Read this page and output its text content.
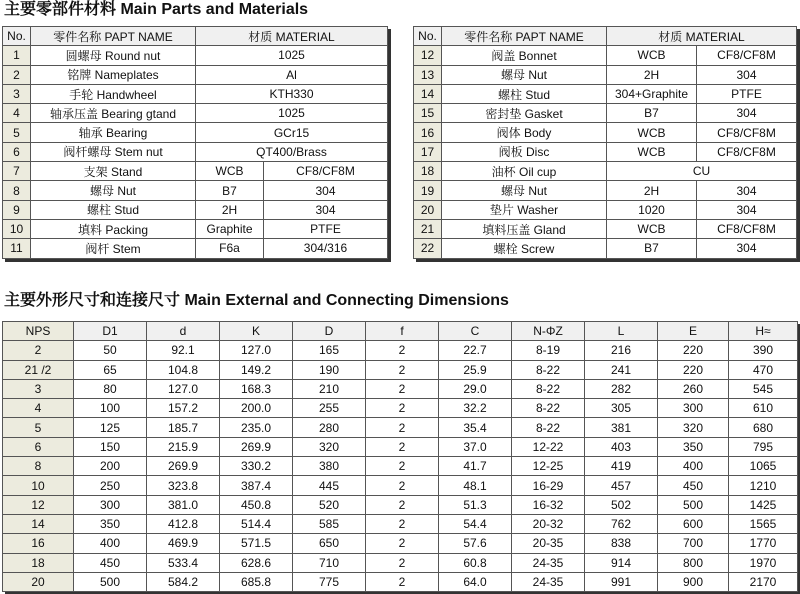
主要零部件材料 Main Parts and Materials
No.	零件名称 PAPT NAME	材质 MATERIAL	
1	圆螺母 Round nut	1025	
2	铭牌 Nameplates	Al	
3	手轮 Handwheel	KTH330	
4	轴承压盖 Bearing gtand	1025	
5	轴承 Bearing	GCr15	
6	阀杆螺母 Stem nut	QT400/Brass	
7	支架 Stand	WCB	CF8/CF8M
8	螺母 Nut	B7	304
9	螺柱 Stud	2H	304
10	填料 Packing	Graphite	PTFE
11	阀杆 Stem	F6a	304/316
No.	零件名称 PAPT NAME	材质 MATERIAL	
12	阀盖 Bonnet	WCB	CF8/CF8M
13	螺母 Nut	2H	304
14	螺柱 Stud	304+Graphite	PTFE
15	密封垫 Gasket	B7	304
16	阀体 Body	WCB	CF8/CF8M
17	阀板 Disc	WCB	CF8/CF8M
18	油杯 Oil cup	CU	
19	螺母 Nut	2H	304
20	垫片 Washer	1020	304
21	填料压盖 Gland	WCB	CF8/CF8M
22	螺栓 Screw	B7	304
主要外形尺寸和连接尺寸 Main External and Connecting Dimensions
NPS	D1	d	K	D	f	C	N-ΦZ	L	E	H≈
2	50	92.1	127.0	165	2	22.7	8-19	216	220	390
21 /2	65	104.8	149.2	190	2	25.9	8-22	241	220	470
3	80	127.0	168.3	210	2	29.0	8-22	282	260	545
4	100	157.2	200.0	255	2	32.2	8-22	305	300	610
5	125	185.7	235.0	280	2	35.4	8-22	381	320	680
6	150	215.9	269.9	320	2	37.0	12-22	403	350	795
8	200	269.9	330.2	380	2	41.7	12-25	419	400	1065
10	250	323.8	387.4	445	2	48.1	16-29	457	450	1210
12	300	381.0	450.8	520	2	51.3	16-32	502	500	1425
14	350	412.8	514.4	585	2	54.4	20-32	762	600	1565
16	400	469.9	571.5	650	2	57.6	20-35	838	700	1770
18	450	533.4	628.6	710	2	60.8	24-35	914	800	1970
20	500	584.2	685.8	775	2	64.0	24-35	991	900	2170
